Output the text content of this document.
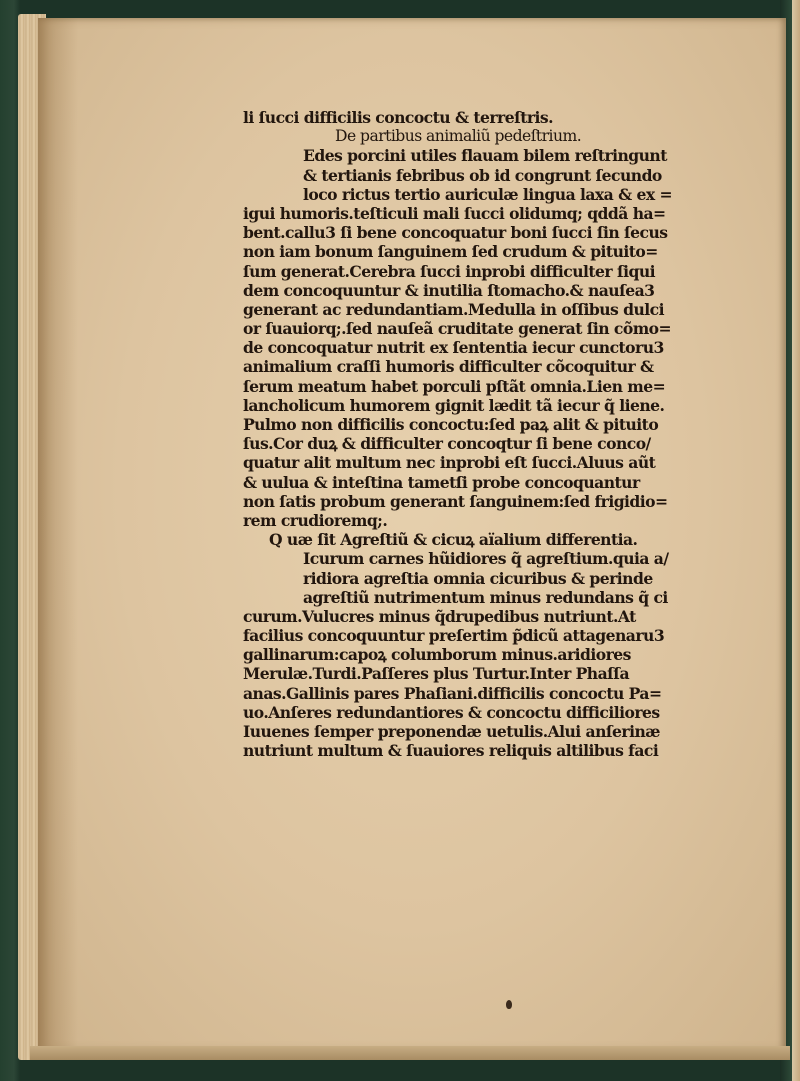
li ſucci difficilis concoctu & terreſtris.
De partibus animaliũ pedeſtrium.
Edes porcini utiles flauam bilem reſtringunt
& tertianis febribus ob id congrunt ſecundo
loco rictus tertio auriculæ lingua laxa & ex =
igui humoris.teſticuli mali ſucci olidumq; qddã ha=
bent.callu3 ſi bene concoquatur boni ſucci ſin ſecus
non iam bonum ſanguinem ſed crudum & pituito=
ſum generat.Cerebra ſucci inprobi difficulter ſiqui
dem concoquuntur & inutilia ſtomacho.& nauſea3
generant ac redundantiam.Medulla in oſſibus dulci
or ſuauiorq;.ſed nauſeã cruditate generat ſin cõmo=
de concoquatur nutrit ex ſententia iecur cunctoru3
animalium craſſi humoris difficulter cõcoquitur &
ſerum meatum habet porculi pſtãt omnia.Lien me=
lancholicum humorem gignit lædit tã iecur q̃ liene.
Pulmo non difficilis concoctu:ſed paꝝ alit & pituito
ſus.Cor duꝝ & difficulter concoqtur ſi bene conco/
quatur alit multum nec inprobi eſt ſucci.Aluus aũt
& uulua & inteſtina tametſi probe concoquantur
non ſatis probum generant ſanguinem:ſed frigidio=
rem crudioremq;.
Q uæ ſit Agreſtiũ & cicuꝝ aïalium differentia.
Icurum carnes hũidiores q̃ agreſtium.quia a/
ridiora agreſtia omnia cicuribus & perinde
agreſtiũ nutrimentum minus redundans q̃ ci
curum.Vulucres minus q̃drupedibus nutriunt.At
facilius concoquuntur preſertim p̃dicũ attagenaru3
gallinarum:capoꝝ columborum minus.aridiores
Merulæ.Turdi.Paſſeres plus Turtur.Inter Phaſſa
anas.Gallinis pares Phaſiani.difficilis concoctu Pa=
uo.Anſeres redundantiores & concoctu difficiliores
Iuuenes ſemper preponendæ uetulis.Alui anſerinæ
nutriunt multum & ſuauiores reliquis altilibus faci
